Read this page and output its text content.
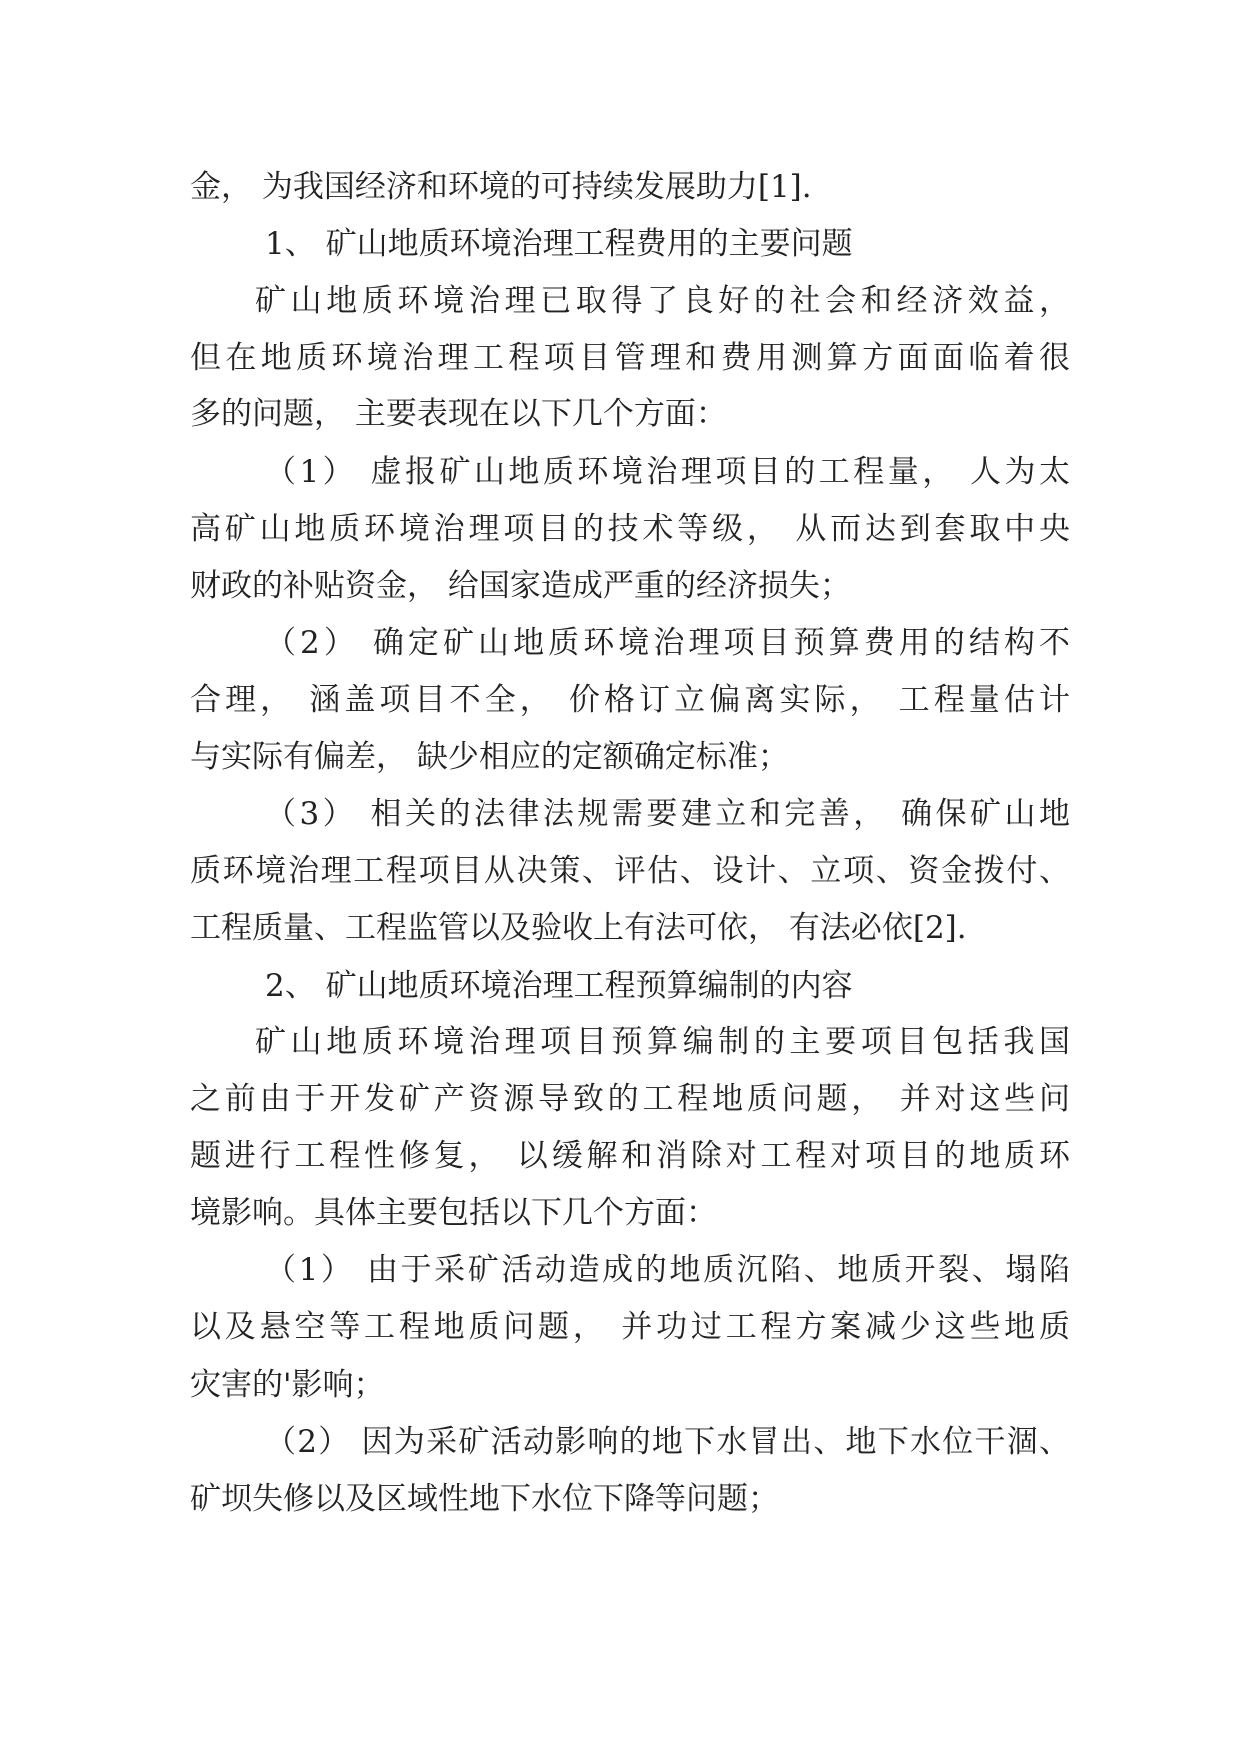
金， 为我国经济和环境的可持续发展助力[1].
1、 矿山地质环境治理工程费用的主要问题
矿山地质环境治理已取得了良好的社会和经济效益，
但在地质环境治理工程项目管理和费用测算方面面临着很
多的问题， 主要表现在以下几个方面：
（1） 虚报矿山地质环境治理项目的工程量， 人为太
高矿山地质环境治理项目的技术等级， 从而达到套取中央
财政的补贴资金， 给国家造成严重的经济损失；
（2） 确定矿山地质环境治理项目预算费用的结构不
合理， 涵盖项目不全， 价格订立偏离实际， 工程量估计
与实际有偏差， 缺少相应的定额确定标准；
（3） 相关的法律法规需要建立和完善， 确保矿山地
质环境治理工程项目从决策、评估、设计、立项、资金拨付、
工程质量、工程监管以及验收上有法可依， 有法必依[2].
2、 矿山地质环境治理工程预算编制的内容
矿山地质环境治理项目预算编制的主要项目包括我国
之前由于开发矿产资源导致的工程地质问题， 并对这些问
题进行工程性修复， 以缓解和消除对工程对项目的地质环
境影响。具体主要包括以下几个方面：
（1） 由于采矿活动造成的地质沉陷、地质开裂、塌陷
以及悬空等工程地质问题， 并功过工程方案减少这些地质
灾害的'影响；
（2） 因为采矿活动影响的地下水冒出、地下水位干涸、
矿坝失修以及区域性地下水位下降等问题；
